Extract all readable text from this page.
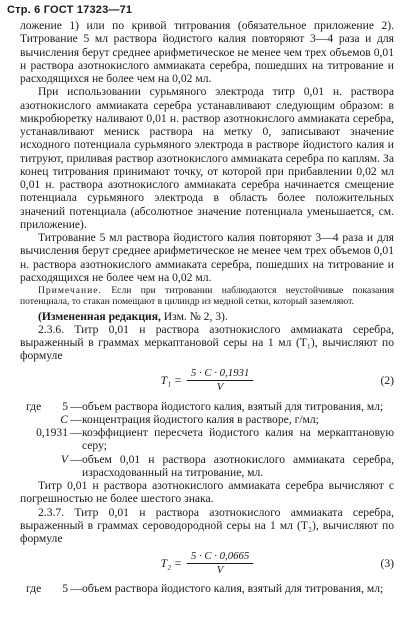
Стр. 6 ГОСТ 17323—71

ложение 1) или по кривой титрования (обязательное приложение 2). Титрование 5 мл раствора йодистого калия повторяют 3—4 раза и для вычисления берут среднее арифметическое не менее чем трех объемов 0,01 н раствора азотнокислого аммиаката серебра, пошедших на титрование и расходящихся не более чем на 0,02 мл.

При использовании сурьмяного электрода титр 0,01 н. раствора азотнокислого аммиаката серебра устанавливают следующим образом: в микробюретку наливают 0,01 н. раствор азотнокислого аммиаката серебра, устанавливают мениск раствора на метку 0, записывают значение исходного потенциала сурьмяного электрода в растворе йодистого калия и титруют, приливая раствор азотнокислого аммиаката серебра по каплям. За конец титрования принимают точку, от которой при прибавлении 0,02 мл 0,01 н. раствора азотнокислого аммиаката серебра начинается смещение потенциала сурьмяного электрода в область более положительных значений потенциала (абсолютное значение потенциала уменьшается, см. приложение).

Титрование 5 мл раствора йодистого калия повторяют 3—4 раза и для вычисления берут среднее арифметическое не менее чем трех объемов 0,01 н. раствора азотнокислого аммиаката серебра, пошедших на титрование и расходящихся не более чем на 0,02 мл.

Примечание. Если при титровании наблюдаются неустойчивые показания потенциала, то стакан помещают в цилиндр из медной сетки, который заземляют.

(Измененная редакция, Изм. № 2, 3).

2.3.6. Титр 0,01 н раствора азотнокислого аммиаката серебра, выраженный в граммах меркаптановой серы на 1 мл (T₁), вычисляют по формуле

$T_1 = \frac{5 \cdot C \cdot 0,1931}{V}$	(2)
где	5 — объем раствора йодистого калия, взятый для титрования, мл;
C — концентрация йодистого калия в растворе, г/мл;
0,1931 — коэффициент пересчета йодистого калия на меркаптановую серу;
V — объем 0,01 н раствора азотнокислого аммиаката серебра, израсходованный на титрование, мл.

Титр 0,01 н раствора азотнокислого аммиаката серебра вычисляют с погрешностью не более шестого знака.

2.3.7. Титр 0,01 н раствора азотнокислого аммиаката серебра, выраженный в граммах сероводородной серы на 1 мл (T₂), вычисляют по формуле

$T_2 = \frac{5 \cdot C \cdot 0,0665}{V}$	(3)
где	5 — объем раствора йодистого калия, взятый для титрования, мл;
